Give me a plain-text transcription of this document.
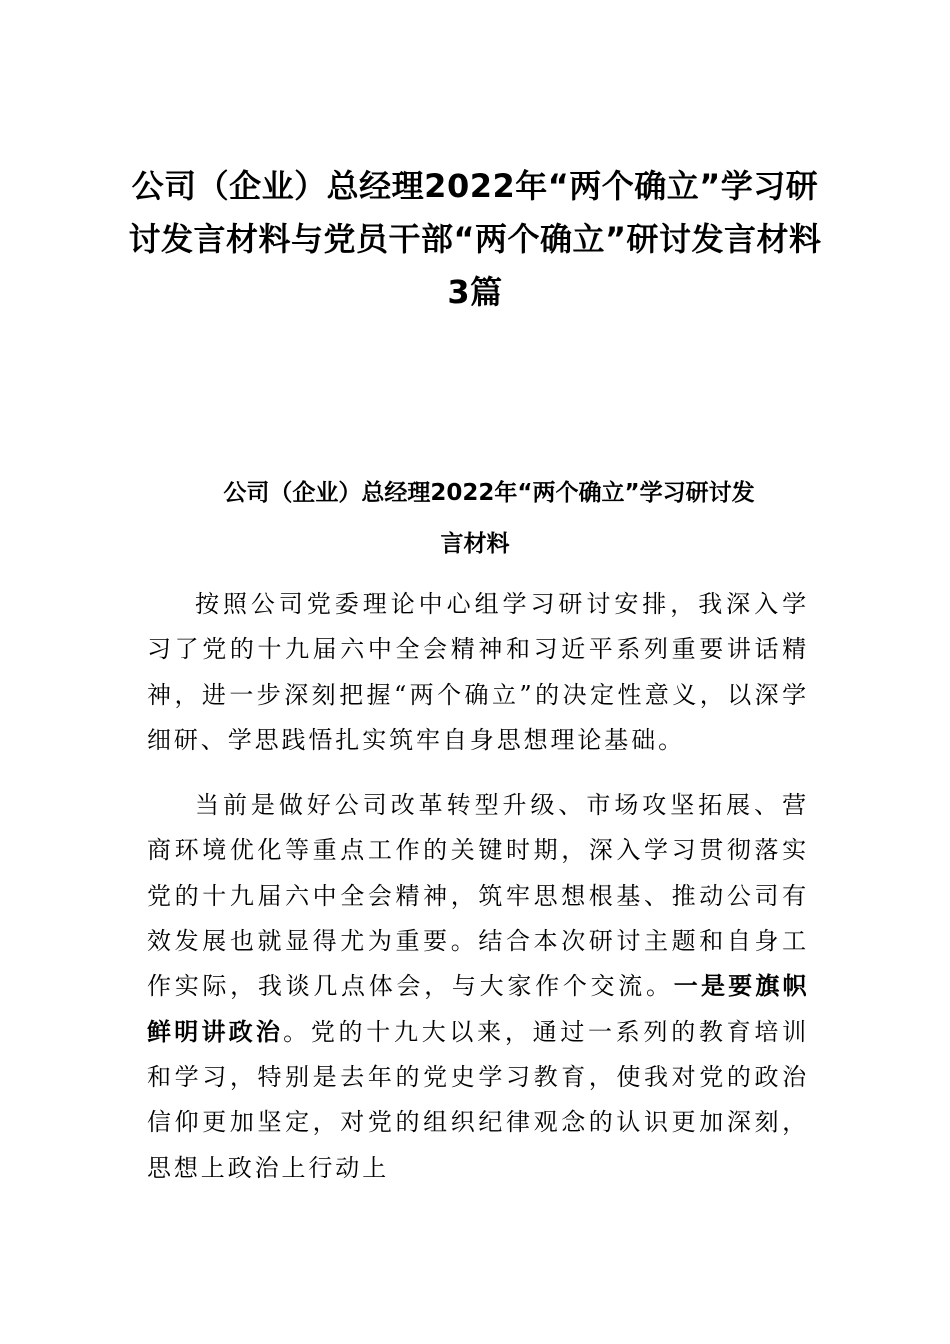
公司（企业）总经理2022年“两个确立”学习研讨发言材料与党员干部“两个确立”研讨发言材料3篇
公司（企业）总经理2022年“两个确立”学习研讨发
言材料

按照公司党委理论中心组学习研讨安排，我深入学习了党的十九届六中全会精神和习近平系列重要讲话精神，进一步深刻把握“两个确立”的决定性意义，以深学细研、学思践悟扎实筑牢自身思想理论基础。

当前是做好公司改革转型升级、市场攻坚拓展、营商环境优化等重点工作的关键时期，深入学习贯彻落实党的十九届六中全会精神，筑牢思想根基、推动公司有效发展也就显得尤为重要。结合本次研讨主题和自身工作实际，我谈几点体会，与大家作个交流。一是要旗帜鲜明讲政治。党的十九大以来，通过一系列的教育培训和学习，特别是去年的党史学习教育，使我对党的政治信仰更加坚定，对党的组织纪律观念的认识更加深刻，思想上政治上行动上
